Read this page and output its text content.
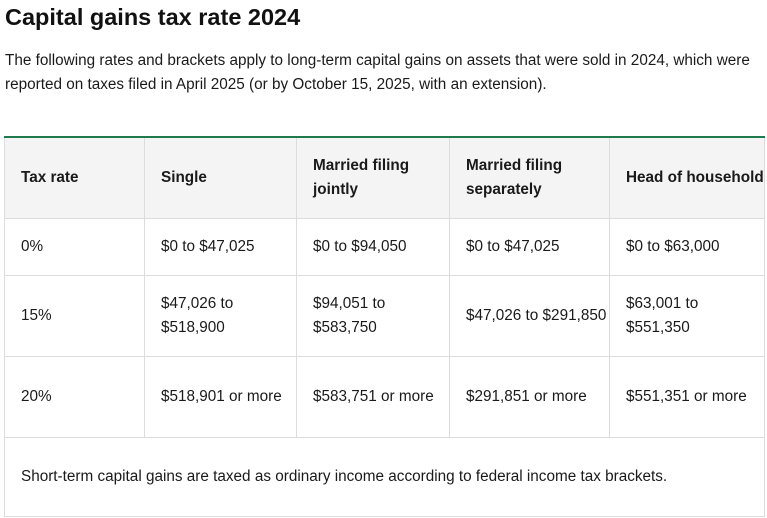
Capital gains tax rate 2024

The following rates and brackets apply to long-term capital gains on assets that were sold in 2024, which were reported on taxes filed in April 2025 (or by October 15, 2025, with an extension).

Tax rate	Single	Married filing jointly	Married filing separately	Head of household
0%	$0 to $47,025	$0 to $94,050	$0 to $47,025	$0 to $63,000
15%	$47,026 to $518,900	$94,051 to $583,750	$47,026 to $291,850	$63,001 to $551,350
20%	$518,901 or more	$583,751 or more	$291,851 or more	$551,351 or more
Short-term capital gains are taxed as ordinary income according to federal income tax brackets.				
